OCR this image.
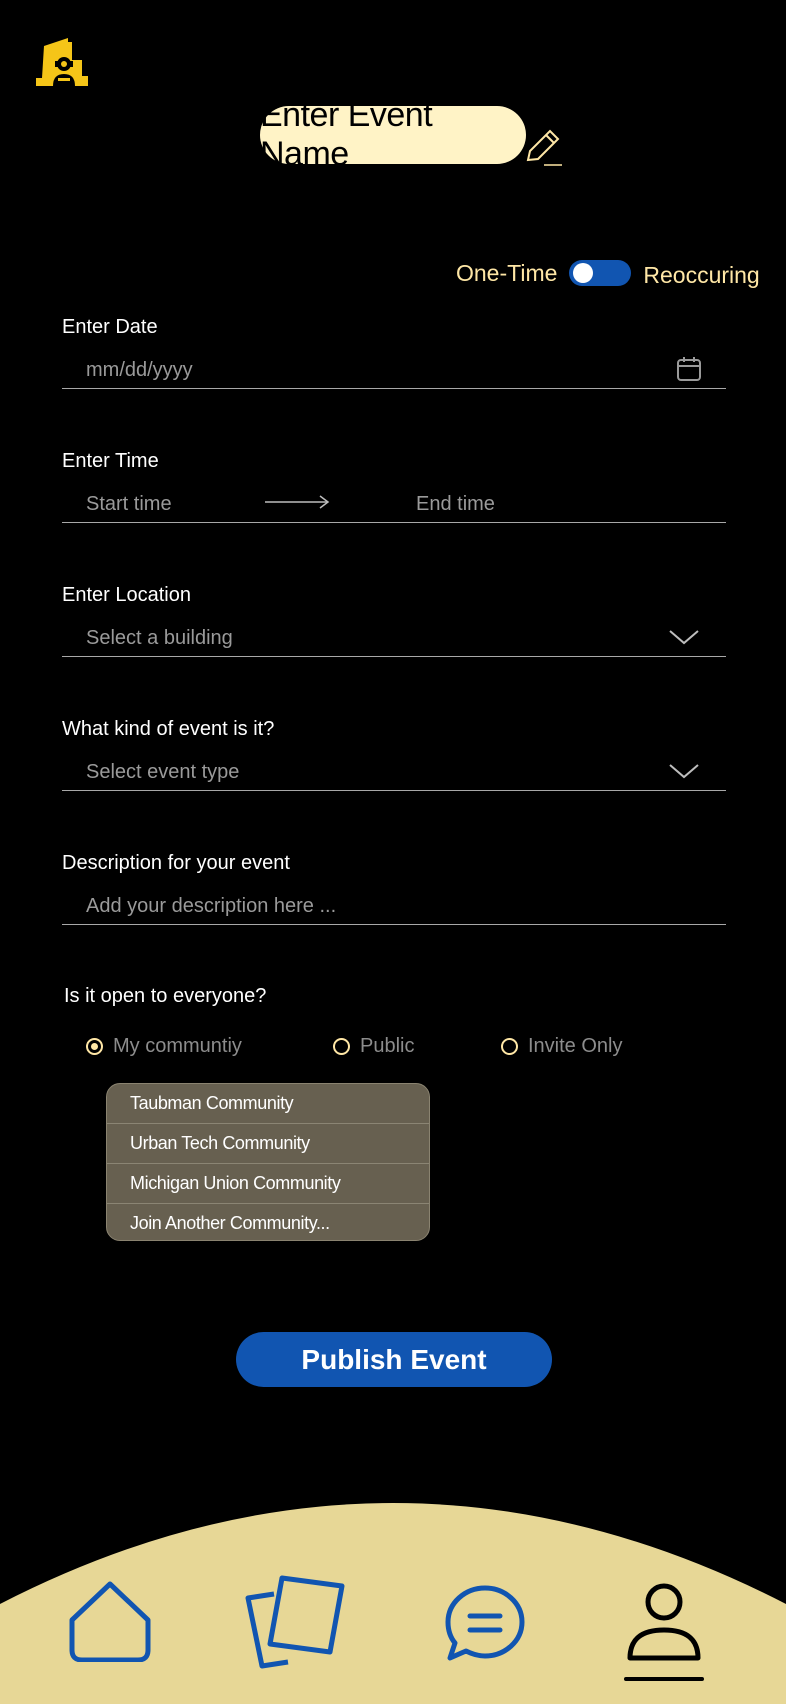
Enter Event Name
One-Time	Reoccuring
Enter Date
mm/dd/yyyy
Enter Time
Start time	End time
Enter Location
Select a building
What kind of event is it?
Select event type
Description for your event
Add your description here ...
Is it open to everyone?
My communtiy	Public	Invite Only
Taubman Community
Urban Tech Community
Michigan Union Community
Join Another Community...
Publish Event
